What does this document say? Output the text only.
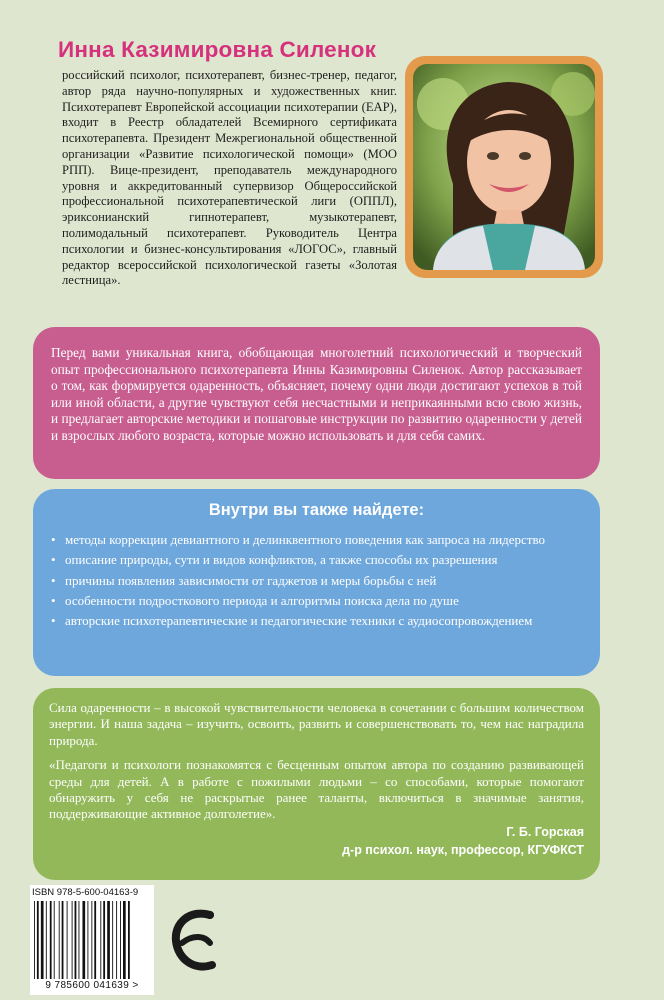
Инна Казимировна Силенок
российский психолог, психотерапевт, бизнес-тренер, педагог, автор ряда научно-популярных и художественных книг. Психотерапевт Европейской ассоциации психотерапии (ЕАР), входит в Реестр обладателей Всемирного сертификата психотерапевта. Президент Межрегиональной общественной организации «Развитие психологической помощи» (МОО РПП). Вице-президент, преподаватель международного уровня и аккредитованный супервизор Общероссийской профессиональной психотерапевтической лиги (ОППЛ), эриксонианский гипнотерапевт, музыкотерапевт, полимодальный психотерапевт. Руководитель Центра психологии и бизнес-консультирования «ЛОГОС», главный редактор всероссийской психологической газеты «Золотая лестница».

Перед вами уникальная книга, обобщающая многолетний психологический и творческий опыт профессионального психотерапевта Инны Казимировны Силенок. Автор рассказывает о том, как формируется одаренность, объясняет, почему одни люди достигают успехов в той или иной области, а другие чувствуют себя несчастными и неприкаянными всю свою жизнь, и предлагает авторские методики и пошаговые инструкции по развитию одаренности у детей и взрослых любого возраста, которые можно использовать и для себя самих.

Внутри вы также найдете:
• методы коррекции девиантного и делинквентного поведения как запроса на лидерство
• описание природы, сути и видов конфликтов, а также способы их разрешения
• причины появления зависимости от гаджетов и меры борьбы с ней
• особенности подросткового периода и алгоритмы поиска дела по душе
• авторские психотерапевтические и педагогические техники с аудиосопровождением

Сила одаренности – в высокой чувствительности человека в сочетании с большим количеством энергии. И наша задача – изучить, освоить, развить и совершенствовать то, чем нас наградила природа.

«Педагоги и психологи познакомятся с бесценным опытом автора по созданию развивающей среды для детей. А в работе с пожилыми людьми – со способами, которые помогают обнаружить у себя не раскрытые ранее таланты, включиться в значимые занятия, поддерживающие активное долголетие».

Г. Б. Горская
д-р психол. наук, профессор, КГУФКСТ
ISBN 978-5-600-04163-9
9 785600 041639 >
